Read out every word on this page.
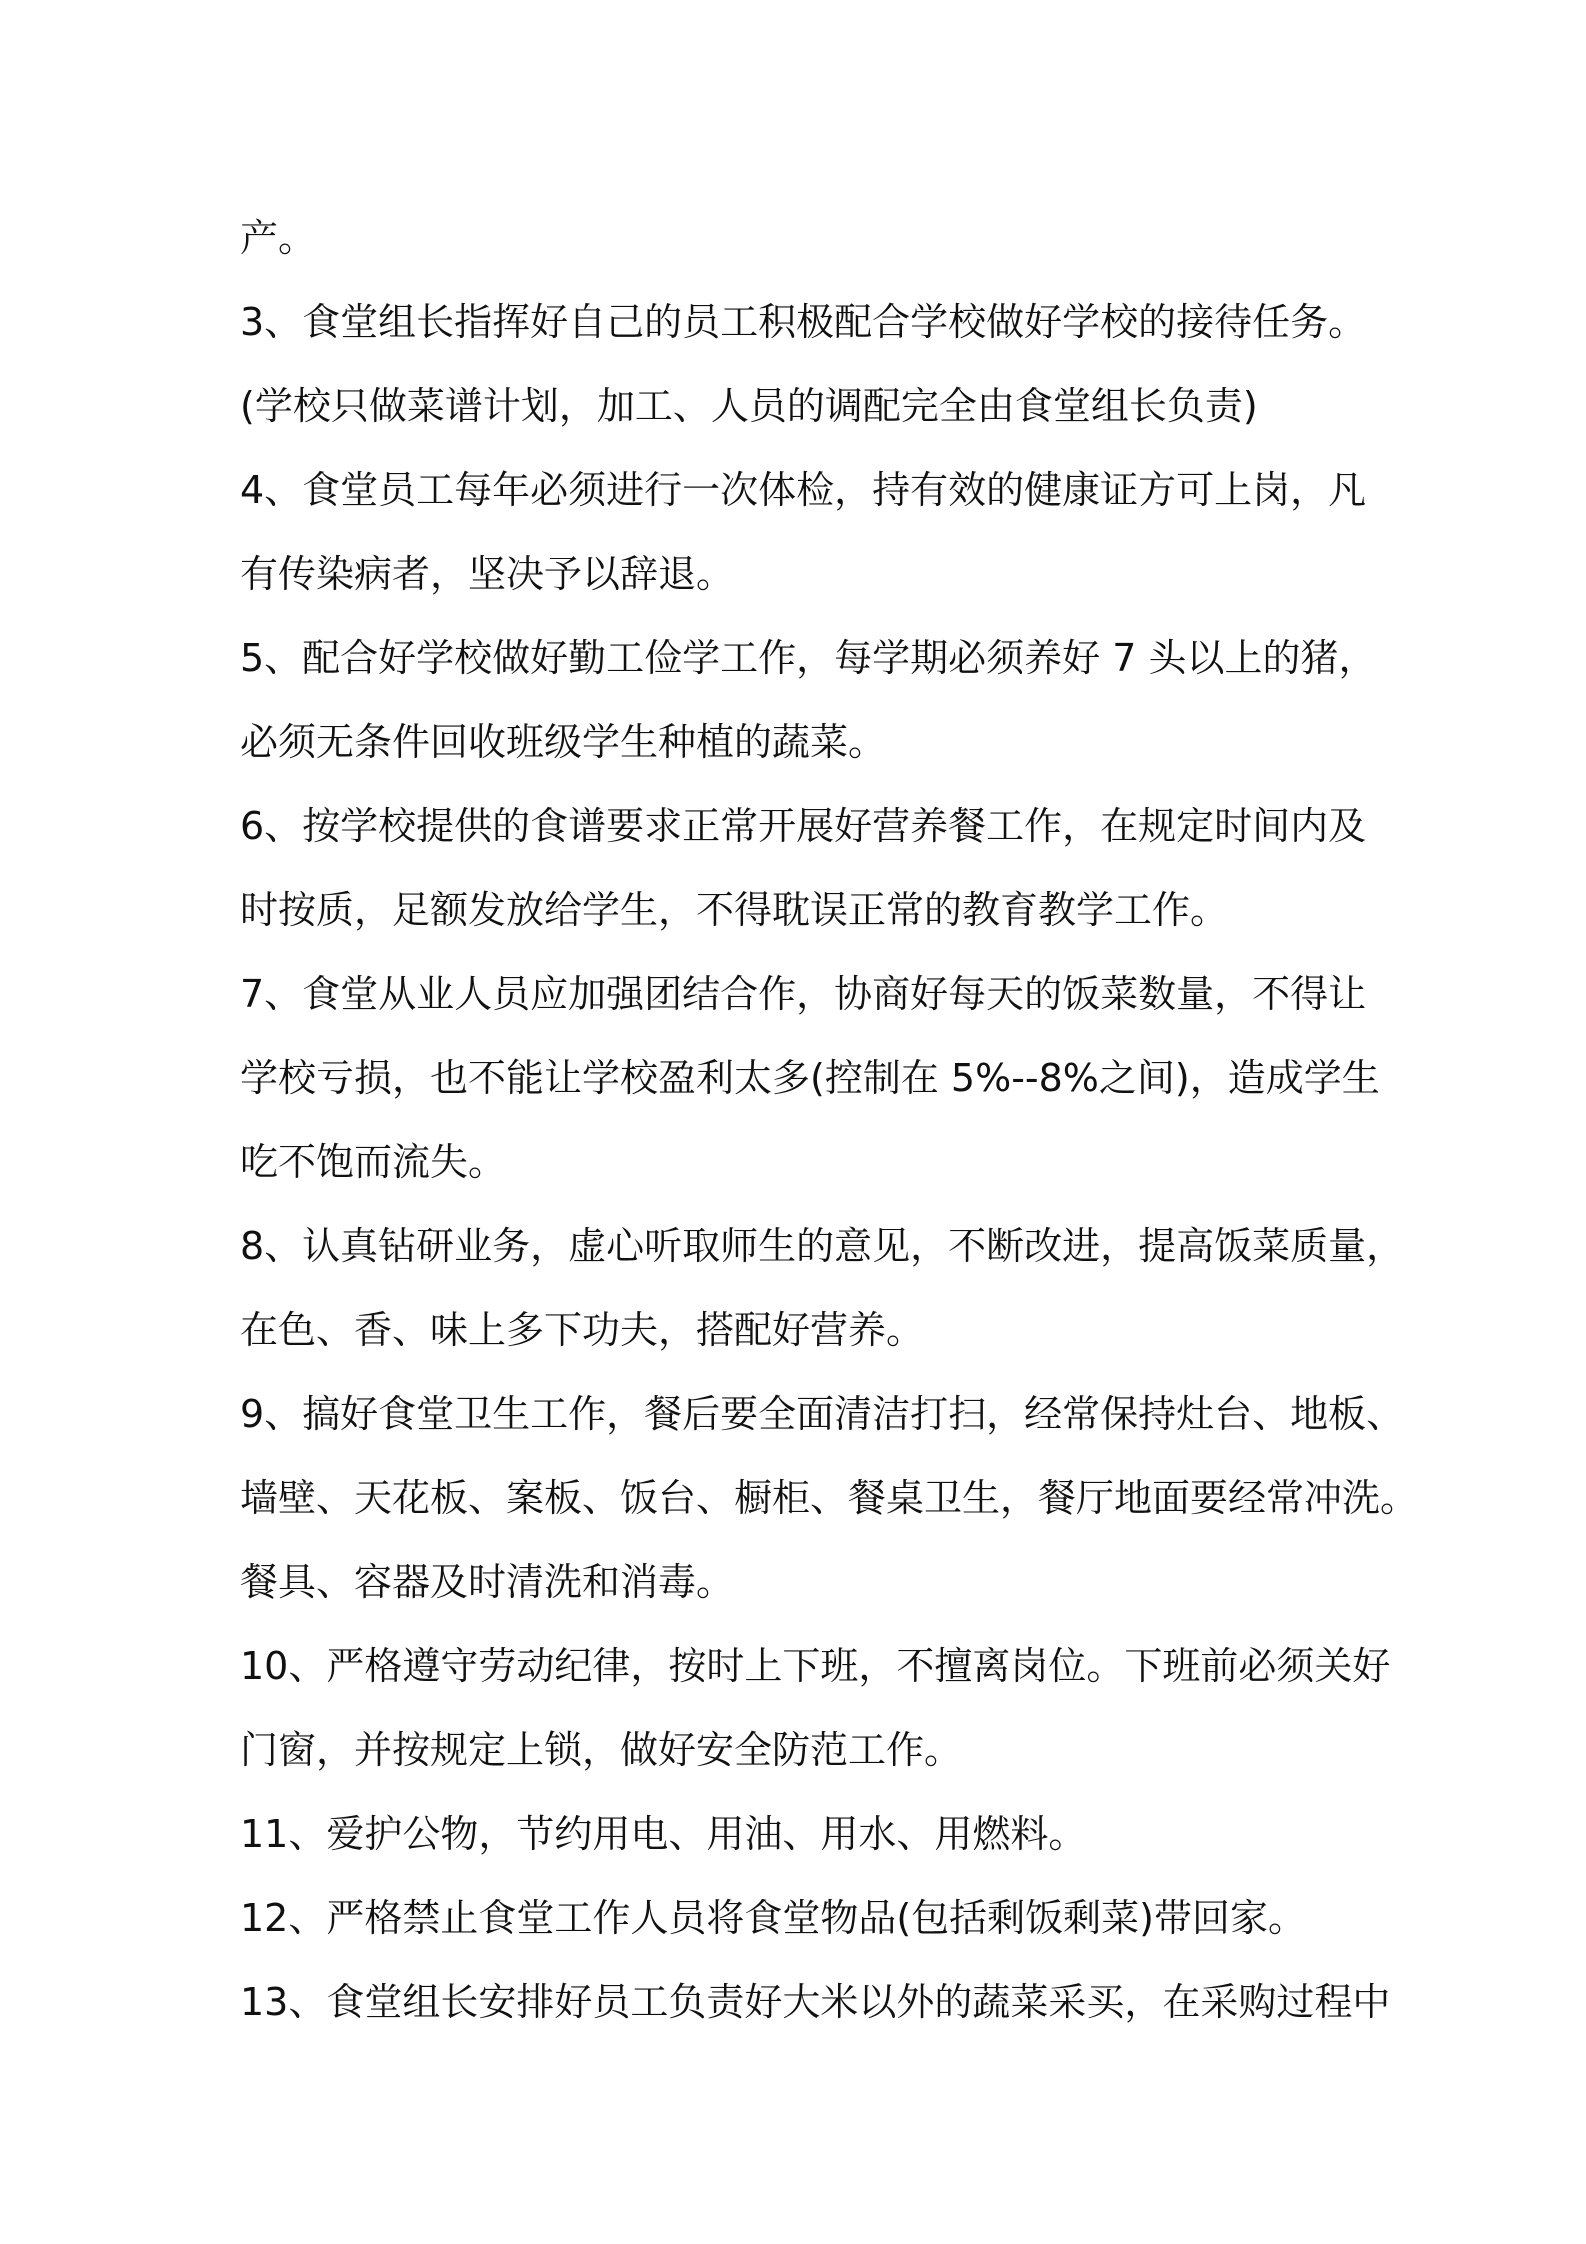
产。
3、食堂组长指挥好自己的员工积极配合学校做好学校的接待任务。
(学校只做菜谱计划，加工、人员的调配完全由食堂组长负责)
4、食堂员工每年必须进行一次体检，持有效的健康证方可上岗，凡
有传染病者，坚决予以辞退。
5、配合好学校做好勤工俭学工作，每学期必须养好 7 头以上的猪，
必须无条件回收班级学生种植的蔬菜。
6、按学校提供的食谱要求正常开展好营养餐工作，在规定时间内及
时按质，足额发放给学生，不得耽误正常的教育教学工作。
7、食堂从业人员应加强团结合作，协商好每天的饭菜数量，不得让
学校亏损，也不能让学校盈利太多(控制在 5%--8%之间)，造成学生
吃不饱而流失。
8、认真钻研业务，虚心听取师生的意见，不断改进，提高饭菜质量，
在色、香、味上多下功夫，搭配好营养。
9、搞好食堂卫生工作，餐后要全面清洁打扫，经常保持灶台、地板、
墙壁、天花板、案板、饭台、橱柜、餐桌卫生，餐厅地面要经常冲洗。
餐具、容器及时清洗和消毒。
10、严格遵守劳动纪律，按时上下班，不擅离岗位。下班前必须关好
门窗，并按规定上锁，做好安全防范工作。
11、爱护公物，节约用电、用油、用水、用燃料。
12、严格禁止食堂工作人员将食堂物品(包括剩饭剩菜)带回家。
13、食堂组长安排好员工负责好大米以外的蔬菜采买，在采购过程中
